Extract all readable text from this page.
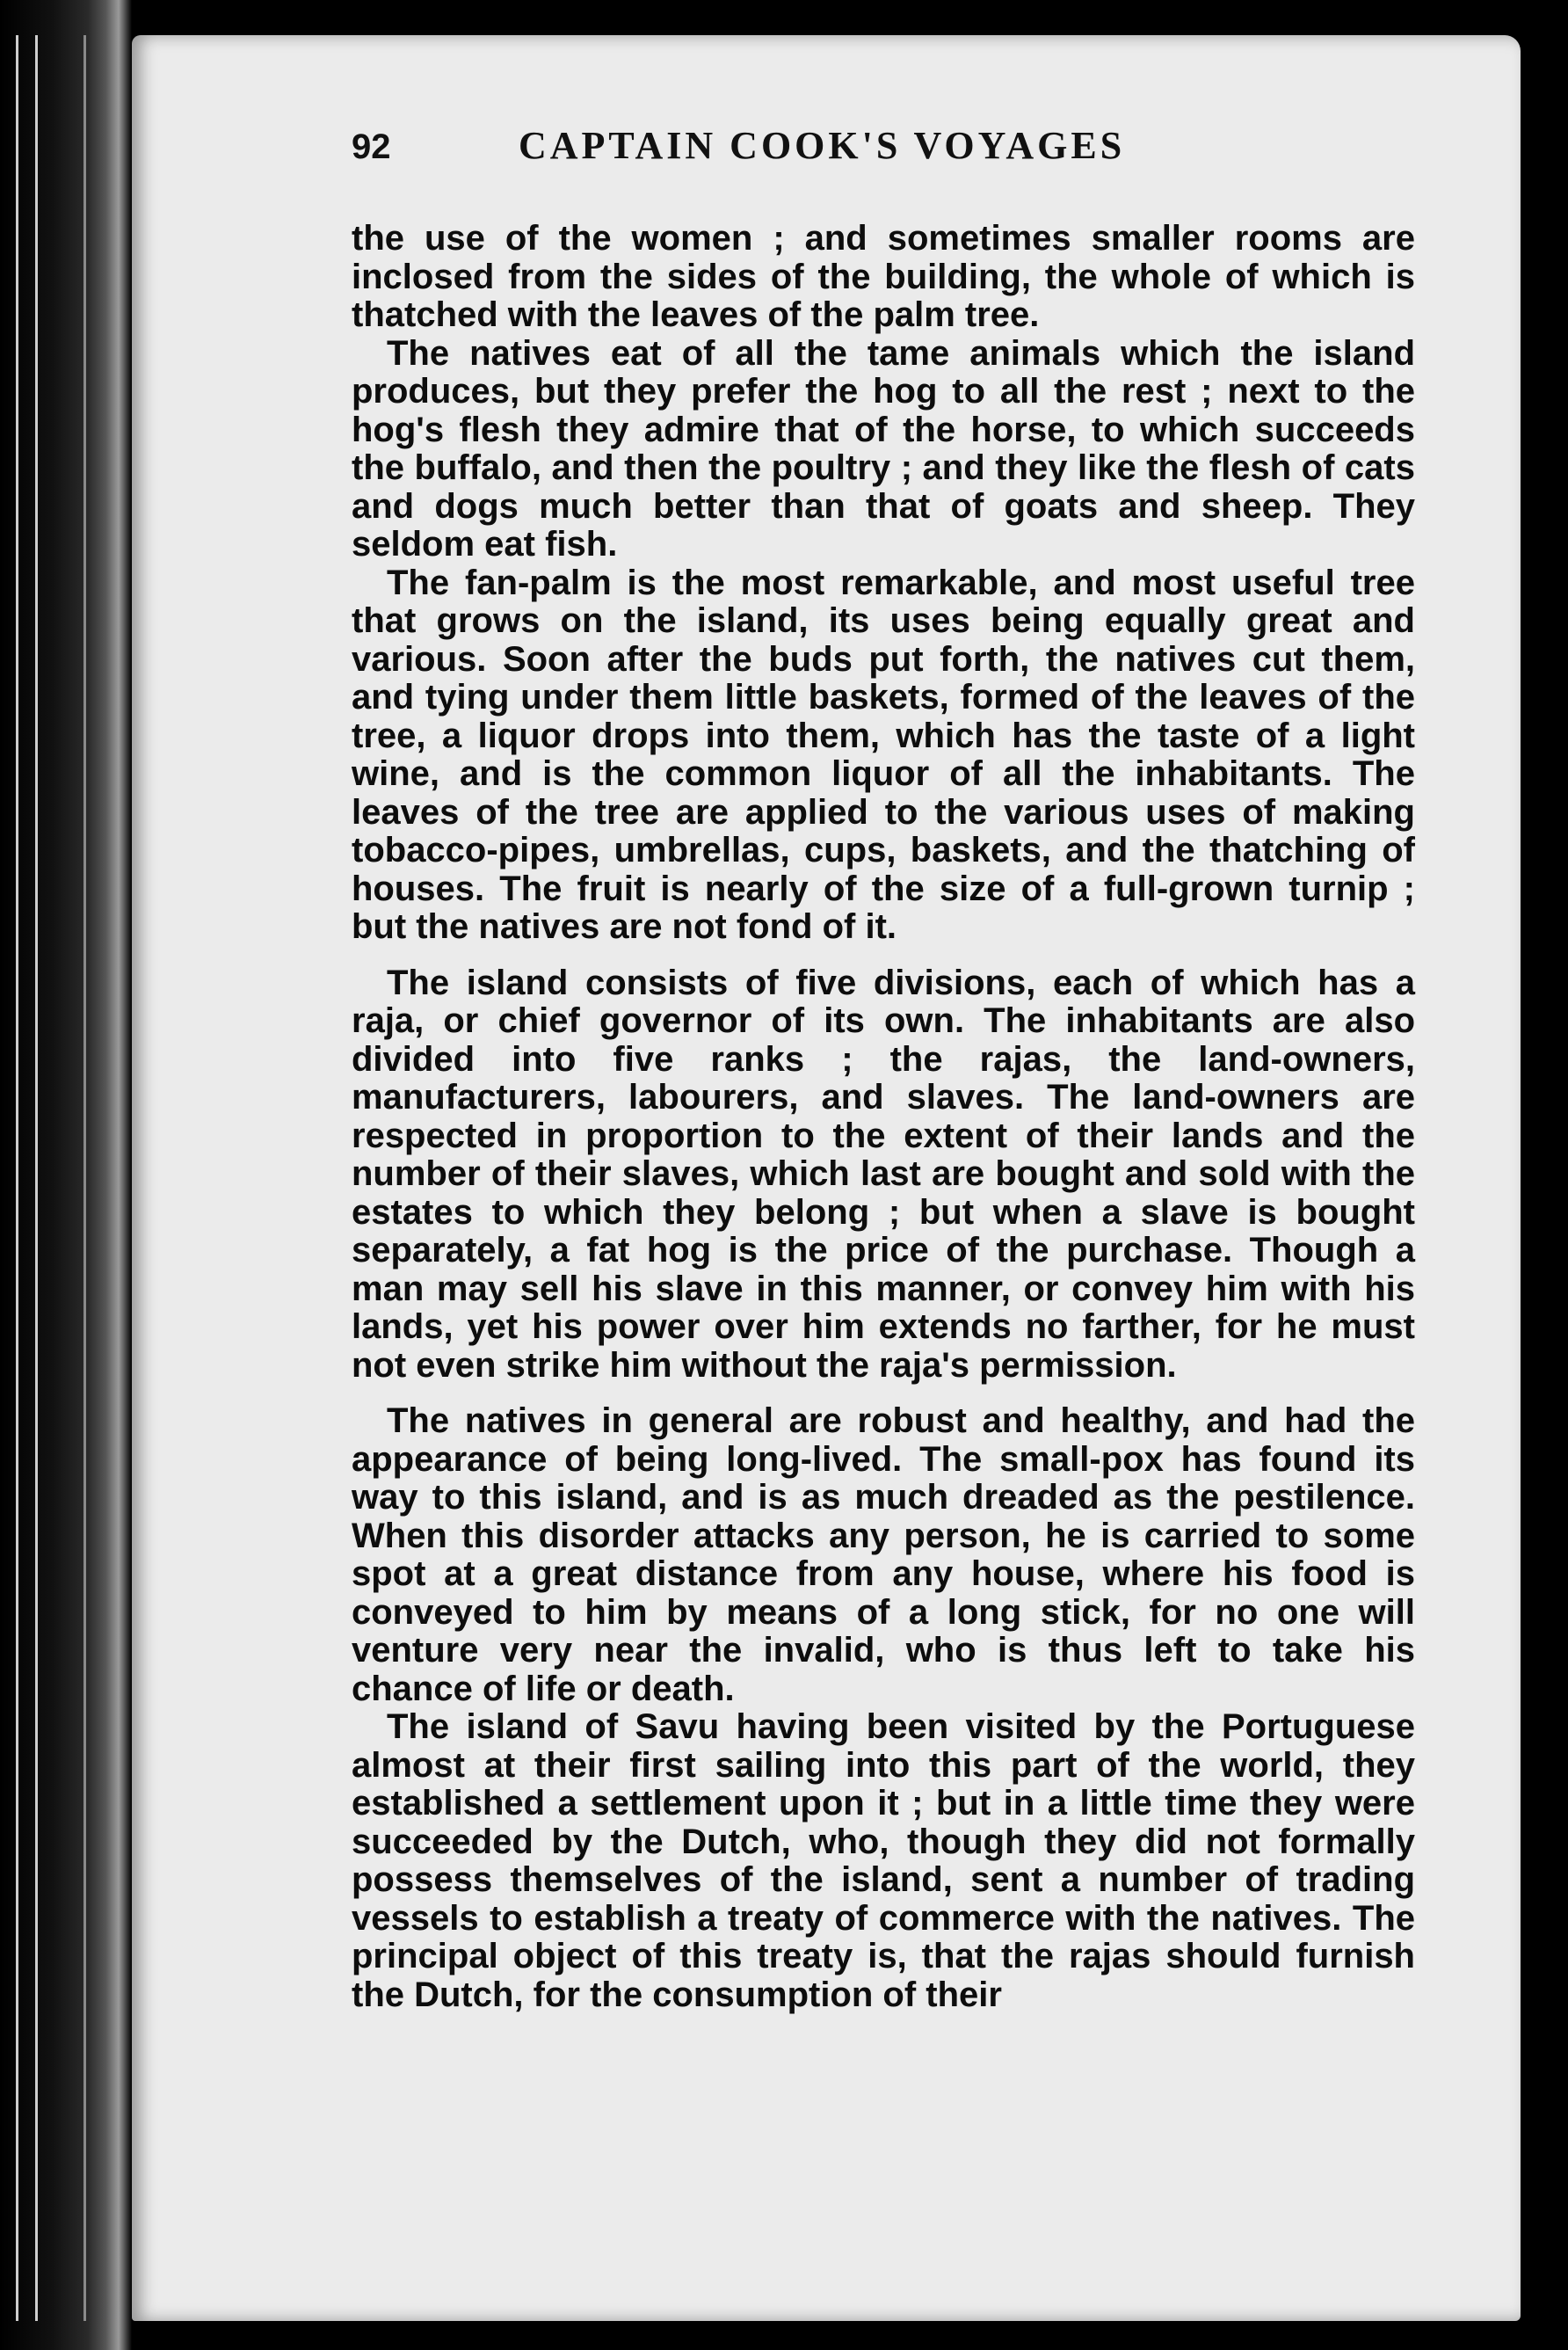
92	CAPTAIN COOK'S VOYAGES

the use of the women ; and sometimes smaller rooms are inclosed from the sides of the building, the whole of which is thatched with the leaves of the palm tree.

The natives eat of all the tame animals which the island produces, but they prefer the hog to all the rest ; next to the hog's flesh they admire that of the horse, to which succeeds the buffalo, and then the poultry ; and they like the flesh of cats and dogs much better than that of goats and sheep. They seldom eat fish.

The fan-palm is the most remarkable, and most useful tree that grows on the island, its uses being equally great and various. Soon after the buds put forth, the natives cut them, and tying under them little baskets, formed of the leaves of the tree, a liquor drops into them, which has the taste of a light wine, and is the common liquor of all the inhabitants. The leaves of the tree are applied to the various uses of making tobacco-pipes, umbrellas, cups, baskets, and the thatching of houses. The fruit is nearly of the size of a full-grown turnip ; but the natives are not fond of it.

The island consists of five divisions, each of which has a raja, or chief governor of its own. The inhabitants are also divided into five ranks ; the rajas, the land-owners, manufacturers, labourers, and slaves. The land-owners are respected in proportion to the extent of their lands and the number of their slaves, which last are bought and sold with the estates to which they belong ; but when a slave is bought separately, a fat hog is the price of the purchase. Though a man may sell his slave in this manner, or convey him with his lands, yet his power over him extends no farther, for he must not even strike him without the raja's permission.

The natives in general are robust and healthy, and had the appearance of being long-lived. The small-pox has found its way to this island, and is as much dreaded as the pestilence. When this disorder attacks any person, he is carried to some spot at a great distance from any house, where his food is conveyed to him by means of a long stick, for no one will venture very near the invalid, who is thus left to take his chance of life or death.

The island of Savu having been visited by the Portuguese almost at their first sailing into this part of the world, they established a settlement upon it ; but in a little time they were succeeded by the Dutch, who, though they did not formally possess themselves of the island, sent a number of trading vessels to establish a treaty of commerce with the natives. The principal object of this treaty is, that the rajas should furnish the Dutch, for the consumption of their
